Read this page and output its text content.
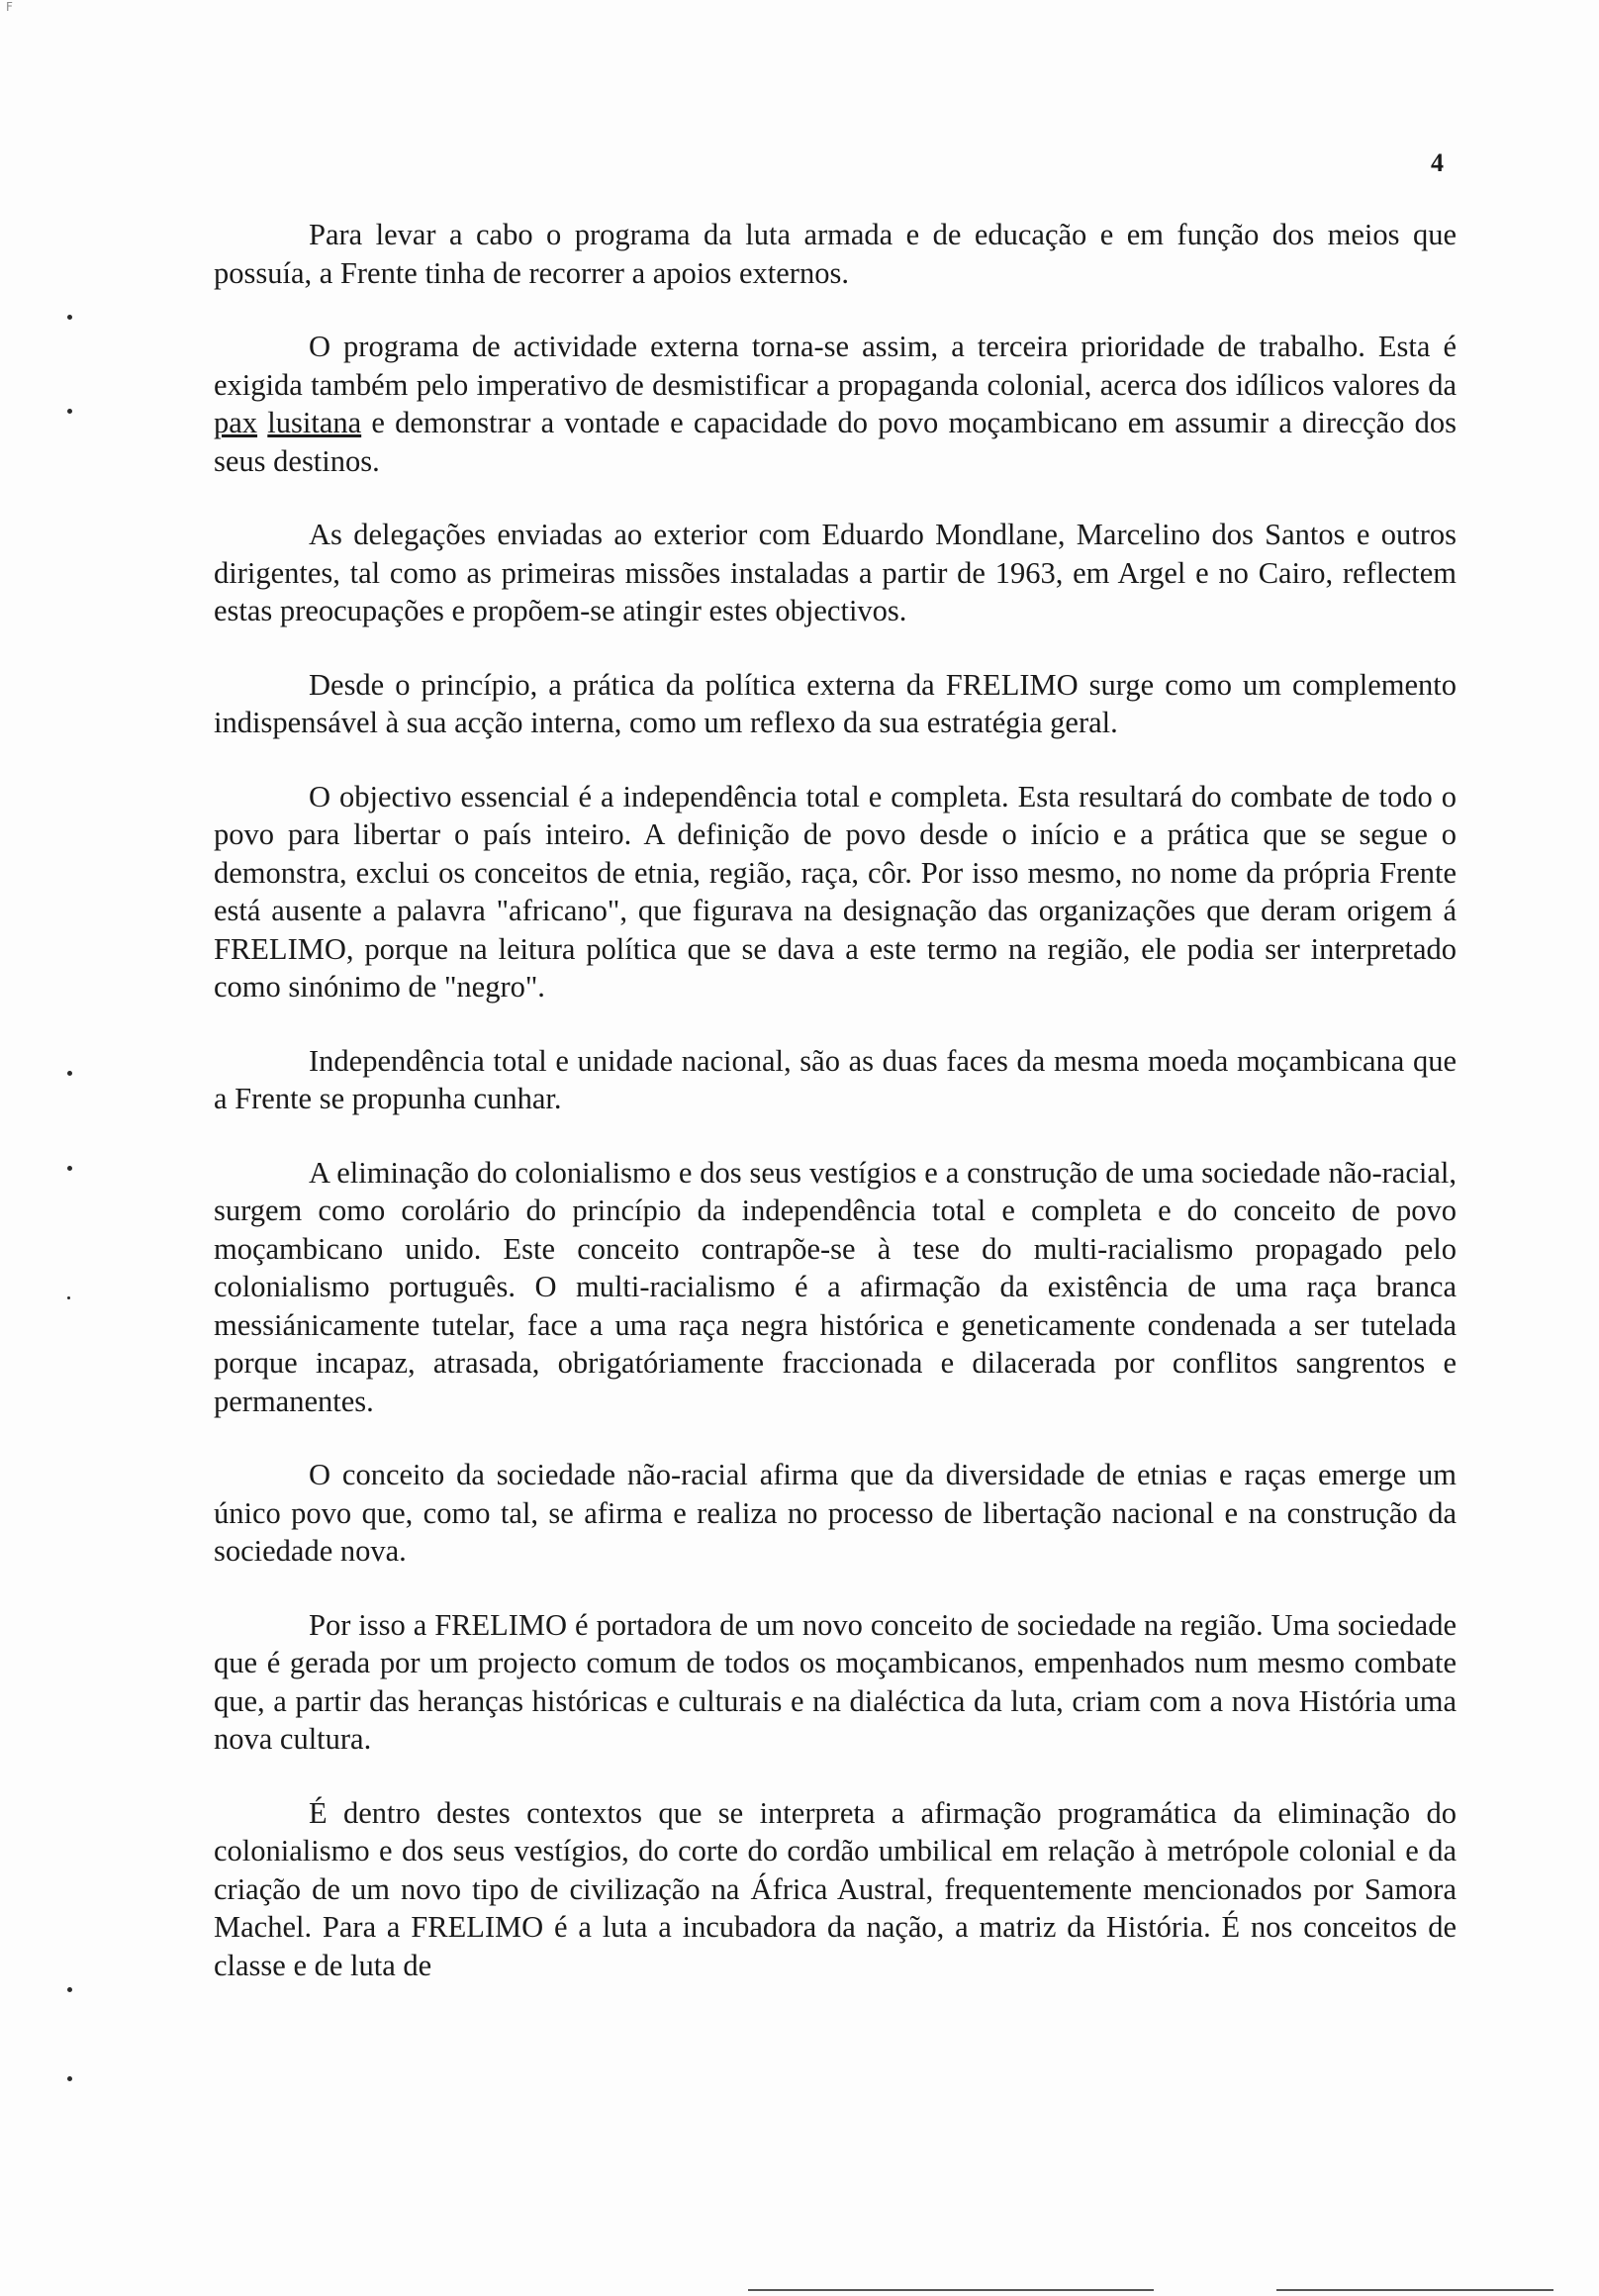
F
4

Para levar a cabo o programa da luta armada e de educação e em função dos meios que possuía, a Frente tinha de recorrer a apoios externos.

O programa de actividade externa torna-se assim, a terceira prioridade de trabalho. Esta é exigida também pelo imperativo de desmistificar a propaganda colonial, acerca dos idílicos valores da pax lusitana e demonstrar a vontade e capacidade do povo moçambicano em assumir a direcção dos seus destinos.

As delegações enviadas ao exterior com Eduardo Mondlane, Marcelino dos Santos e outros dirigentes, tal como as primeiras missões instaladas a partir de 1963, em Argel e no Cairo, reflectem estas preocupações e propõem-se atingir estes objectivos.

Desde o princípio, a prática da política externa da FRELIMO surge como um complemento indispensável à sua acção interna, como um reflexo da sua estratégia geral.

O objectivo essencial é a independência total e completa. Esta resultará do combate de todo o povo para libertar o país inteiro. A definição de povo desde o início e a prática que se segue o demonstra, exclui os conceitos de etnia, região, raça, côr. Por isso mesmo, no nome da própria Frente está ausente a palavra "africano", que figurava na designação das organizações que deram origem á FRELIMO, porque na leitura política que se dava a este termo na região, ele podia ser interpretado como sinónimo de "negro".

Independência total e unidade nacional, são as duas faces da mesma moeda moçambicana que a Frente se propunha cunhar.

A eliminação do colonialismo e dos seus vestígios e a construção de uma sociedade não-racial, surgem como corolário do princípio da independência total e completa e do conceito de povo moçambicano unido. Este conceito contrapõe-se à tese do multi-racialismo propagado pelo colonialismo português. O multi-racialismo é a afirmação da existência de uma raça branca messiánicamente tutelar, face a uma raça negra histórica e geneticamente condenada a ser tutelada porque incapaz, atrasada, obrigatóriamente fraccionada e dilacerada por conflitos sangrentos e permanentes.

O conceito da sociedade não-racial afirma que da diversidade de etnias e raças emerge um único povo que, como tal, se afirma e realiza no processo de libertação nacional e na construção da sociedade nova.

Por isso a FRELIMO é portadora de um novo conceito de sociedade na região. Uma sociedade que é gerada por um projecto comum de todos os moçambicanos, empenhados num mesmo combate que, a partir das heranças históricas e culturais e na dialéctica da luta, criam com a nova História uma nova cultura.

É dentro destes contextos que se interpreta a afirmação programática da eliminação do colonialismo e dos seus vestígios, do corte do cordão umbilical em relação à metrópole colonial e da criação de um novo tipo de civilização na África Austral, frequentemente mencionados por Samora Machel. Para a FRELIMO é a luta a incubadora da nação, a matriz da História. É nos conceitos de classe e de luta de
